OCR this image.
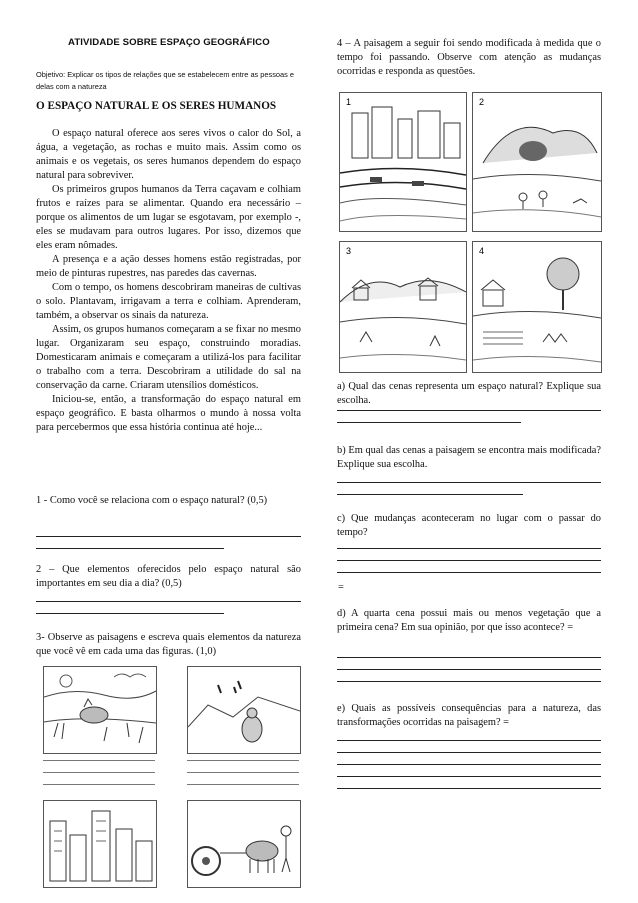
ATIVIDADE SOBRE ESPAÇO GEOGRÁFICO
Objetivo: Explicar os tipos de relações que se estabelecem entre as pessoas e delas com a natureza
O ESPAÇO NATURAL E OS SERES HUMANOS

O espaço natural oferece aos seres vivos o calor do Sol, a água, a vegetação, as rochas e muito mais. Assim como os animais e os vegetais, os seres humanos dependem do espaço natural para sobreviver.

Os primeiros grupos humanos da Terra caçavam e colhiam frutos e raízes para se alimentar. Quando era necessário – porque os alimentos de um lugar se esgotavam, por exemplo -, eles se mudavam para outros lugares. Por isso, dizemos que eles eram nômades.

A presença e a ação desses homens estão registradas, por meio de pinturas rupestres, nas paredes das cavernas.

Com o tempo, os homens descobriram maneiras de cultivas o solo. Plantavam, irrigavam a terra e colhiam. Aprenderam, também, a observar os sinais da natureza.

Assim, os grupos humanos começaram a se fixar no mesmo lugar. Organizaram seu espaço, construindo moradias. Domesticaram animais e começaram a utilizá-los para facilitar o trabalho com a terra. Descobriram a utilidade do sal na conservação da carne. Criaram utensílios domésticos.

Iniciou-se, então, a transformação do espaço natural em espaço geográfico. E basta olharmos o mundo à nossa volta para percebermos que essa história continua até hoje...

1 - Como você se relaciona com o espaço natural? (0,5)
2 – Que elementos oferecidos pelo espaço natural são importantes em seu dia a dia? (0,5)
3- Observe as paisagens e escreva quais elementos da natureza que você vê em cada uma das figuras. (1,0)
4 – A paisagem a seguir foi sendo modificada à medida que o tempo foi passando. Observe com atenção as mudanças ocorridas e responda as questões.
1	2
3	4
a) Qual das cenas representa um espaço natural? Explique sua escolha.
b) Em qual das cenas a paisagem se encontra mais modificada? Explique sua escolha.
c) Que mudanças aconteceram no lugar com o passar do tempo?
=
d) A quarta cena possui mais ou menos vegetação que a primeira cena? Em sua opinião, por que isso acontece? =
e) Quais as possíveis consequências para a natureza, das transformações ocorridas na paisagem? =
